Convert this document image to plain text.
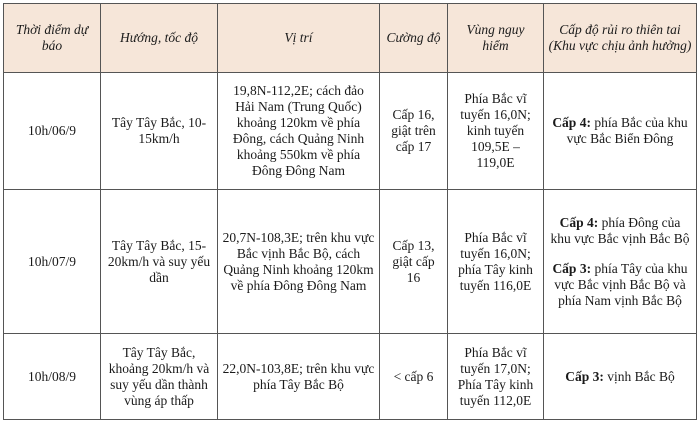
Thời điểm dự báo	Hướng, tốc độ	Vị trí	Cường độ	Vùng nguy hiểm	Cấp độ rủi ro thiên tai (Khu vực chịu ảnh hưởng)
10h/06/9	Tây Tây Bắc, 10-15km/h	19,8N-112,2E; cách đảo Hải Nam (Trung Quốc) khoảng 120km về phía Đông, cách Quảng Ninh khoảng 550km về phía Đông Đông Nam	Cấp 16, giật trên cấp 17	Phía Bắc vĩ tuyến 16,0N; kinh tuyến 109,5E – 119,0E	Cấp 4: phía Bắc của khu vực Bắc Biển Đông

10h/07/9	Tây Tây Bắc, 15-20km/h và suy yếu dần	20,7N-108,3E; trên khu vực Bắc vịnh Bắc Bộ, cách Quảng Ninh khoảng 120km về phía Đông Đông Nam	Cấp 13, giật cấp 16	Phía Bắc vĩ tuyến 16,0N; phía Tây kinh tuyến 116,0E	Cấp 4: phía Đông của khu vực Bắc vịnh Bắc Bộ

Cấp 3: phía Tây của khu vực Bắc vịnh Bắc Bộ và phía Nam vịnh Bắc Bộ

10h/08/9	Tây Tây Bắc, khoảng 20km/h và suy yếu dần thành vùng áp thấp	22,0N-103,8E; trên khu vực phía Tây Bắc Bộ	< cấp 6	Phía Bắc vĩ tuyến 17,0N; Phía Tây kinh tuyến 112,0E	Cấp 3: vịnh Bắc Bộ
